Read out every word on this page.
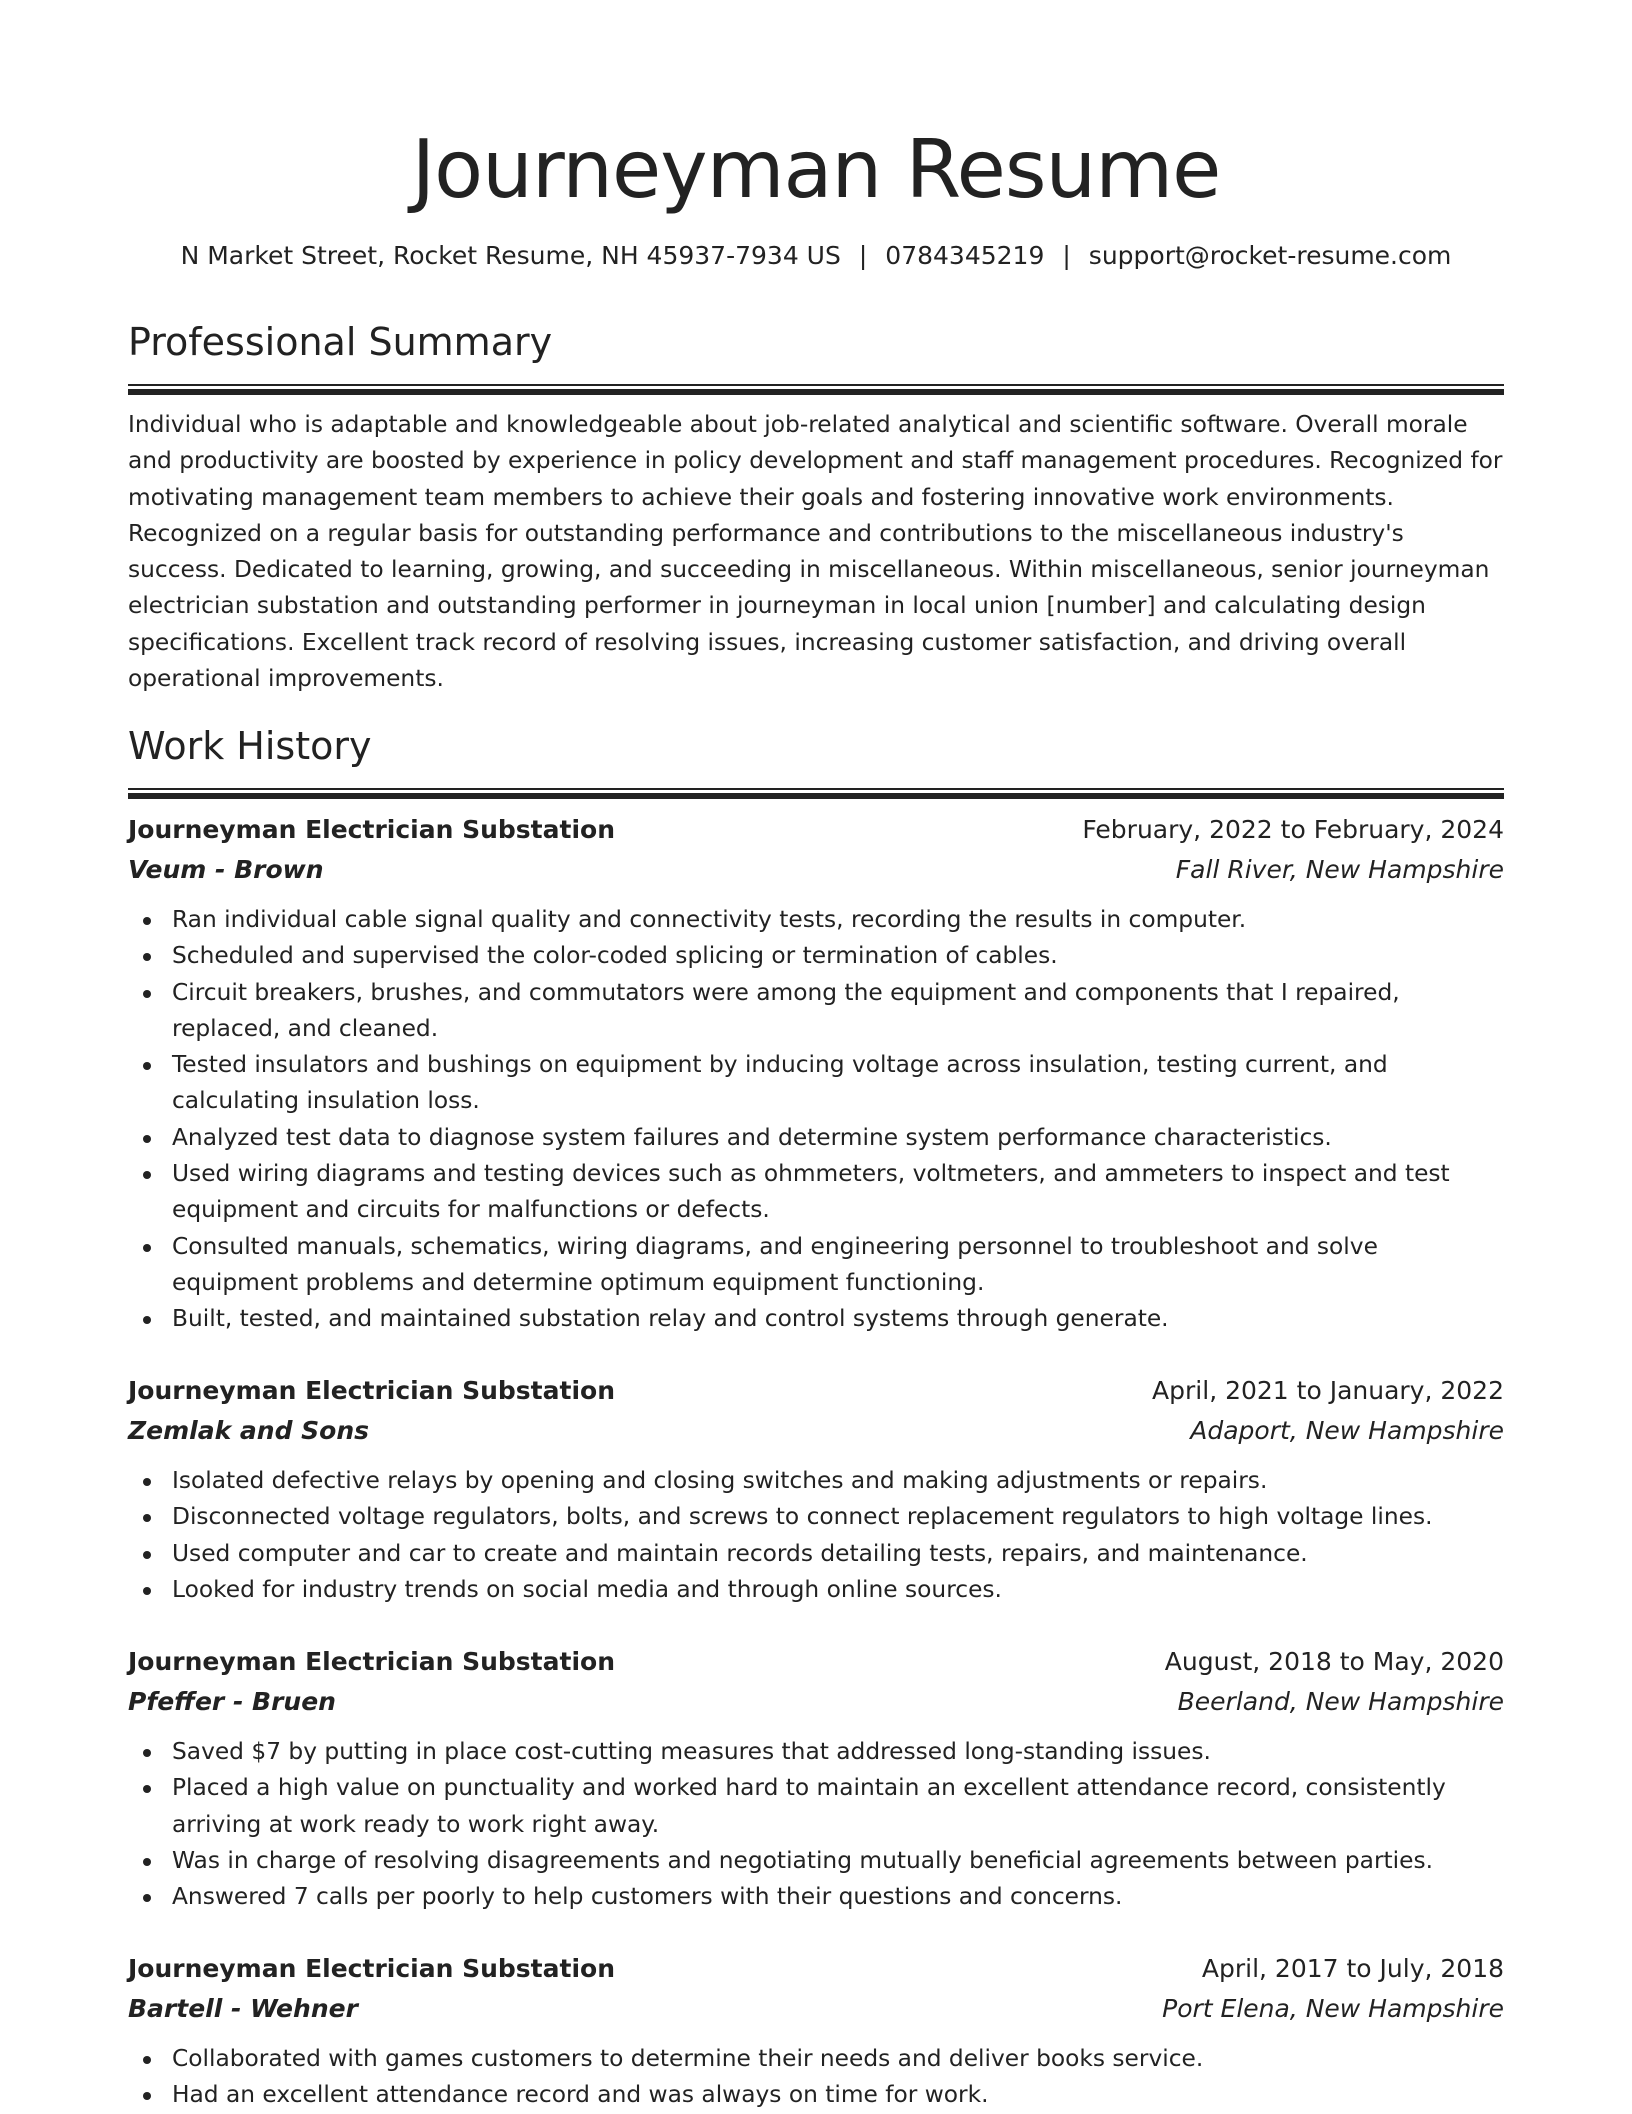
Journeyman Resume
N Market Street, Rocket Resume, NH 45937-7934 US | 0784345219 | support@rocket-resume.com
Professional Summary

Individual who is adaptable and knowledgeable about job-related analytical and scientific software. Overall morale and productivity are boosted by experience in policy development and staff management procedures. Recognized for motivating management team members to achieve their goals and fostering innovative work environments. Recognized on a regular basis for outstanding performance and contributions to the miscellaneous industry's success. Dedicated to learning, growing, and succeeding in miscellaneous. Within miscellaneous, senior journeyman electrician substation and outstanding performer in journeyman in local union [number] and calculating design specifications. Excellent track record of resolving issues, increasing customer satisfaction, and driving overall operational improvements.

Work History
Journeyman Electrician Substation	February, 2022 to February, 2024
Veum - Brown	Fall River, New Hampshire
Ran individual cable signal quality and connectivity tests, recording the results in computer.
Scheduled and supervised the color-coded splicing or termination of cables.
Circuit breakers, brushes, and commutators were among the equipment and components that I repaired, replaced, and cleaned.
Tested insulators and bushings on equipment by inducing voltage across insulation, testing current, and calculating insulation loss.
Analyzed test data to diagnose system failures and determine system performance characteristics.
Used wiring diagrams and testing devices such as ohmmeters, voltmeters, and ammeters to inspect and test equipment and circuits for malfunctions or defects.
Consulted manuals, schematics, wiring diagrams, and engineering personnel to troubleshoot and solve equipment problems and determine optimum equipment functioning.
Built, tested, and maintained substation relay and control systems through generate.
Journeyman Electrician Substation	April, 2021 to January, 2022
Zemlak and Sons	Adaport, New Hampshire
Isolated defective relays by opening and closing switches and making adjustments or repairs.
Disconnected voltage regulators, bolts, and screws to connect replacement regulators to high voltage lines.
Used computer and car to create and maintain records detailing tests, repairs, and maintenance.
Looked for industry trends on social media and through online sources.
Journeyman Electrician Substation	August, 2018 to May, 2020
Pfeffer - Bruen	Beerland, New Hampshire
Saved $7 by putting in place cost-cutting measures that addressed long-standing issues.
Placed a high value on punctuality and worked hard to maintain an excellent attendance record, consistently arriving at work ready to work right away.
Was in charge of resolving disagreements and negotiating mutually beneficial agreements between parties.
Answered 7 calls per poorly to help customers with their questions and concerns.
Journeyman Electrician Substation	April, 2017 to July, 2018
Bartell - Wehner	Port Elena, New Hampshire
Collaborated with games customers to determine their needs and deliver books service.
Had an excellent attendance record and was always on time for work.
